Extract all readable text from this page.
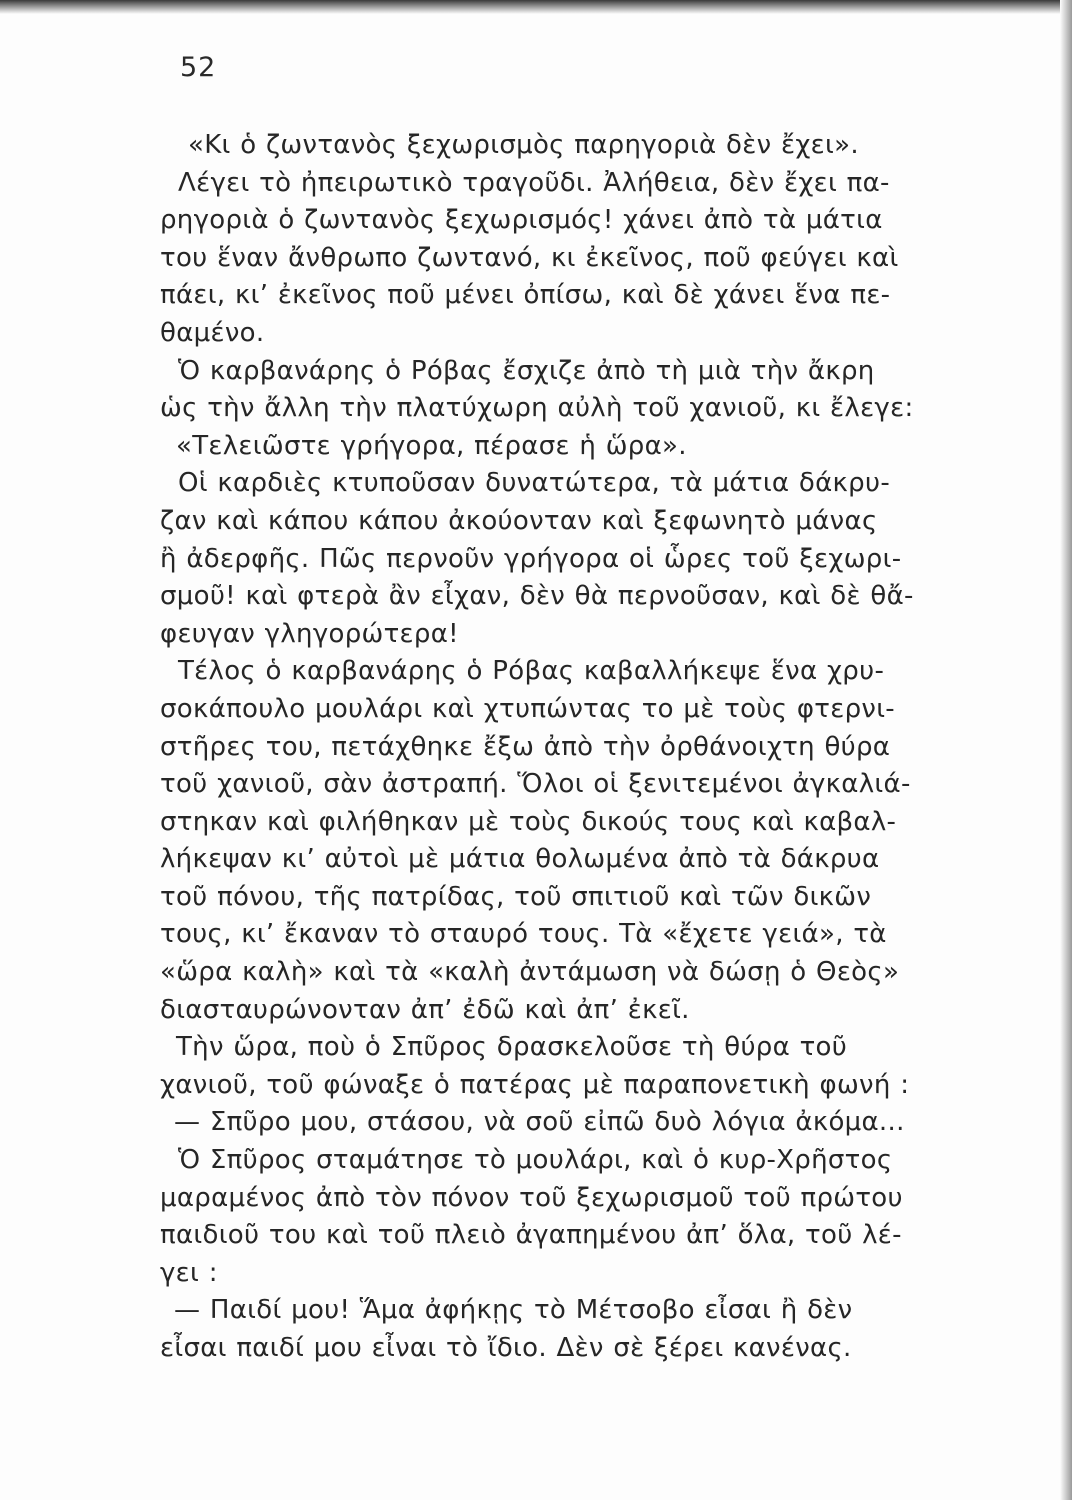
52
«Κι ὁ ζωντανὸς ξεχωρισμὸς παρηγοριὰ δὲν ἔχει».
Λέγει τὸ ἠπειρωτικὸ τραγοῦδι. Ἀλήθεια, δὲν ἔχει πα-
ρηγοριὰ ὁ ζωντανὸς ξεχωρισμός! χάνει ἀπὸ τὰ μάτια
του ἕναν ἄνθρωπο ζωντανό, κι ἐκεῖνος, ποῦ φεύγει καὶ
πάει, κι’ ἐκεῖνος ποῦ μένει ὀπίσω, καὶ δὲ χάνει ἕνα πε-
θαμένο.
Ὁ καρβανάρης ὁ Ρόβας ἔσχιζε ἀπὸ τὴ μιὰ τὴν ἄκρη
ὡς τὴν ἄλλη τὴν πλατύχωρη αὐλὴ τοῦ χανιοῦ, κι ἔλεγε:
«Τελειῶστε γρήγορα, πέρασε ἡ ὥρα».
Οἱ καρδιὲς κτυποῦσαν δυνατώτερα, τὰ μάτια δάκρυ-
ζαν καὶ κάπου κάπου ἀκούονταν καὶ ξεφωνητὸ μάνας
ἢ ἀδερφῆς. Πῶς περνοῦν γρήγορα οἱ ὧρες τοῦ ξεχωρι-
σμοῦ! καὶ φτερὰ ἂν εἶχαν, δὲν θὰ περνοῦσαν, καὶ δὲ θἄ-
φευγαν γληγορώτερα!
Τέλος ὁ καρβανάρης ὁ Ρόβας καβαλλήκεψε ἕνα χρυ-
σοκάπουλο μουλάρι καὶ χτυπώντας το μὲ τοὺς φτερνι-
στῆρες του, πετάχθηκε ἔξω ἀπὸ τὴν ὀρθάνοιχτη θύρα
τοῦ χανιοῦ, σὰν ἀστραπή. Ὅλοι οἱ ξενιτεμένοι ἀγκαλιά-
στηκαν καὶ φιλήθηκαν μὲ τοὺς δικούς τους καὶ καβαλ-
λήκεψαν κι’ αὐτοὶ μὲ μάτια θολωμένα ἀπὸ τὰ δάκρυα
τοῦ πόνου, τῆς πατρίδας, τοῦ σπιτιοῦ καὶ τῶν δικῶν
τους, κι’ ἔκαναν τὸ σταυρό τους. Τὰ «ἔχετε γειά», τὰ
«ὥρα καλὴ» καὶ τὰ «καλὴ ἀντάμωση νὰ δώσῃ ὁ Θεὸς»
διασταυρώνονταν ἀπ’ ἐδῶ καὶ ἀπ’ ἐκεῖ.
Τὴν ὥρα, ποὺ ὁ Σπῦρος δρασκελοῦσε τὴ θύρα τοῦ
χανιοῦ, τοῦ φώναξε ὁ πατέρας μὲ παραπονετικὴ φωνή :
— Σπῦρο μου, στάσου, νὰ σοῦ εἰπῶ δυὸ λόγια ἀκόμα...
Ὁ Σπῦρος σταμάτησε τὸ μουλάρι, καὶ ὁ κυρ-Χρῆστος
μαραμένος ἀπὸ τὸν πόνον τοῦ ξεχωρισμοῦ τοῦ πρώτου
παιδιοῦ του καὶ τοῦ πλειὸ ἀγαπημένου ἀπ’ ὅλα, τοῦ λέ-
γει :
— Παιδί μου! Ἅμα ἀφήκῃς τὸ Μέτσοβο εἶσαι ἢ δὲν
εἶσαι παιδί μου εἶναι τὸ ἴδιο. Δὲν σὲ ξέρει κανένας.
